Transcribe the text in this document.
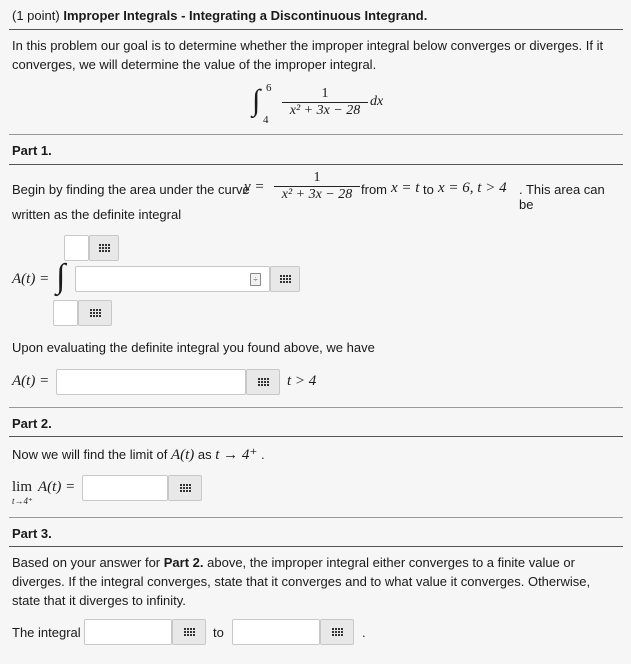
(1 point) Improper Integrals - Integrating a Discontinuous Integrand.
In this problem our goal is to determine whether the improper integral below converges or diverges. If it converges, we will determine the value of the improper integral.
∫ 6
4
$\frac{1}{\text{x² + 3x − 28}}$ dx
Part 1.
Begin by finding the area under the curve
$y = \frac{1}{\text{x² + 3x − 28}}$ from x = t to x = 6, t > 4 . This area can be
written as the definite integral
A(t) = ∫	÷
Upon evaluating the definite integral you found above, we have
A(t) =	t > 4
Part 2.
Now we will find the limit of A(t) as t → 4⁺ .
lim A(t) =
t→4⁺
Part 3.
Based on your answer for Part 2. above, the improper integral either converges to a finite value or diverges. If the integral converges, state that it converges and to what value it converges. Otherwise, state that it diverges to infinity.
The integral	to	.
